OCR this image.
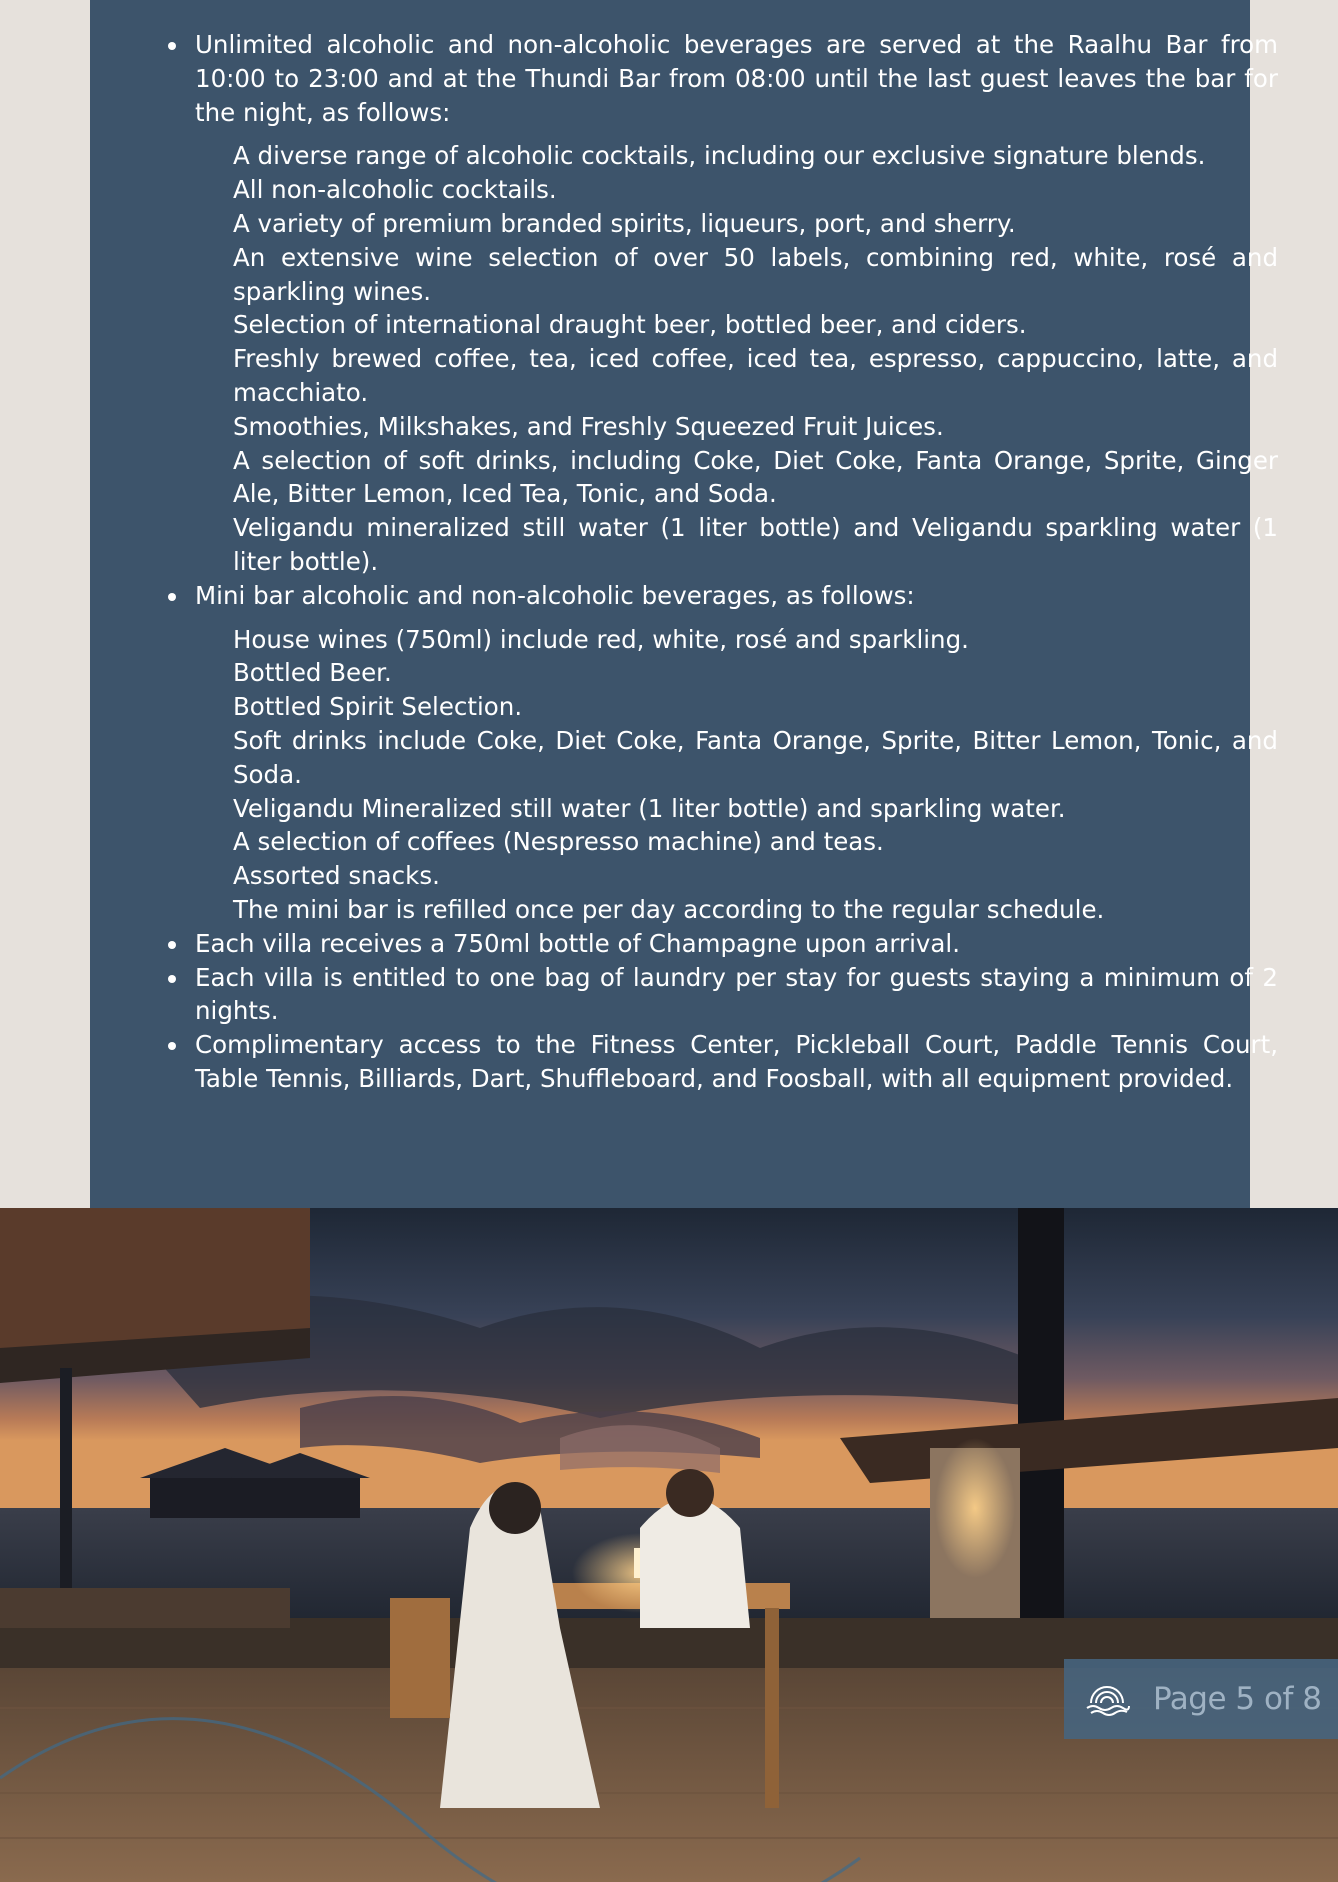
Unlimited alcoholic and non-alcoholic beverages are served at the Raalhu Bar from 10:00 to 23:00 and at the Thundi Bar from 08:00 until the last guest leaves the bar for the night, as follows:
A diverse range of alcoholic cocktails, including our exclusive signature blends.
All non-alcoholic cocktails.
A variety of premium branded spirits, liqueurs, port, and sherry.
An extensive wine selection of over 50 labels, combining red, white, rosé and sparkling wines.
Selection of international draught beer, bottled beer, and ciders.
Freshly brewed coffee, tea, iced coffee, iced tea, espresso, cappuccino, latte, and macchiato.
Smoothies, Milkshakes, and Freshly Squeezed Fruit Juices.
A selection of soft drinks, including Coke, Diet Coke, Fanta Orange, Sprite, Ginger Ale, Bitter Lemon, Iced Tea, Tonic, and Soda.
Veligandu mineralized still water (1 liter bottle) and Veligandu sparkling water (1 liter bottle).
Mini bar alcoholic and non-alcoholic beverages, as follows:
House wines (750ml) include red, white, rosé and sparkling.
Bottled Beer.
Bottled Spirit Selection.
Soft drinks include Coke, Diet Coke, Fanta Orange, Sprite, Bitter Lemon, Tonic, and Soda.
Veligandu Mineralized still water (1 liter bottle) and sparkling water.
A selection of coffees (Nespresso machine) and teas.
Assorted snacks.
The mini bar is refilled once per day according to the regular schedule.
Each villa receives a 750ml bottle of Champagne upon arrival.
Each villa is entitled to one bag of laundry per stay for guests staying a minimum of 2 nights.
Complimentary access to the Fitness Center, Pickleball Court, Paddle Tennis Court, Table Tennis, Billiards, Dart, Shuffleboard, and Foosball, with all equipment provided.
Page 5 of 8
